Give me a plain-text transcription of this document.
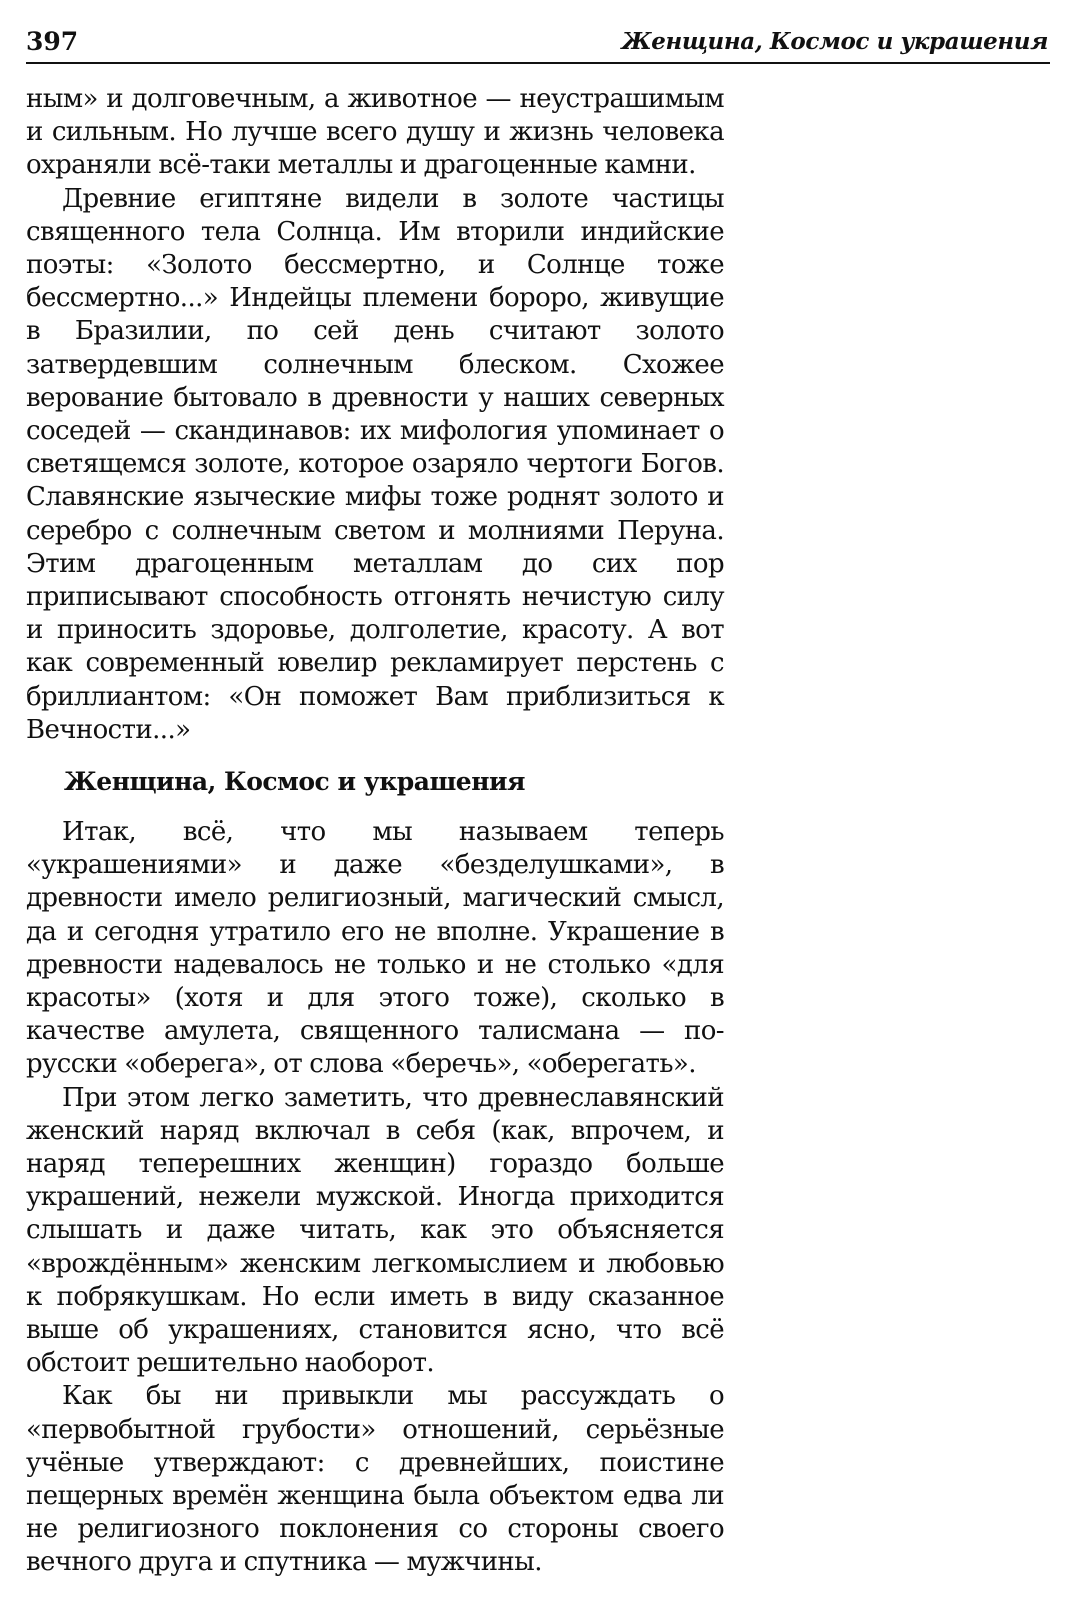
397	Женщина, Космос и украшения

ным» и долговечным, а животное — неустрашимым и сильным. Но лучше всего душу и жизнь человека охраняли всё-таки металлы и драгоценные камни.

Древние египтяне видели в золоте частицы священного тела Солнца. Им вторили индийские поэты: «Золото бессмертно, и Солнце тоже бессмертно...» Индейцы племени бороро, живущие в Бразилии, по сей день считают золото затвердевшим солнечным блеском. Схожее верование бытовало в древности у наших северных соседей — скандинавов: их мифология упоминает о светящемся золоте, которое озаряло чертоги Богов. Славянские языческие мифы тоже роднят золото и серебро с солнечным светом и молниями Перуна. Этим драгоценным металлам до сих пор приписывают способность отгонять нечистую силу и приносить здоровье, долголетие, красоту. А вот как современный ювелир рекламирует перстень с бриллиантом: «Он поможет Вам приблизиться к Вечности...»

Женщина, Космос и украшения

Итак, всё, что мы называем теперь «украшениями» и даже «безделушками», в древности имело религиозный, магический смысл, да и сегодня утратило его не вполне. Украшение в древности надевалось не только и не столько «для красоты» (хотя и для этого тоже), сколько в качестве амулета, священного талисмана — по-русски «оберега», от слова «беречь», «оберегать».

При этом легко заметить, что древнеславянский женский наряд включал в себя (как, впрочем, и наряд теперешних женщин) гораздо больше украшений, нежели мужской. Иногда приходится слышать и даже читать, как это объясняется «врождённым» женским легкомыслием и любовью к побрякушкам. Но если иметь в виду сказанное выше об украшениях, становится ясно, что всё обстоит решительно наоборот.

Как бы ни привыкли мы рассуждать о «первобытной грубости» отношений, серьёзные учёные утверждают: с древнейших, поистине пещерных времён женщина была объектом едва ли не религиозного поклонения со стороны своего вечного друга и спутника — мужчины.
